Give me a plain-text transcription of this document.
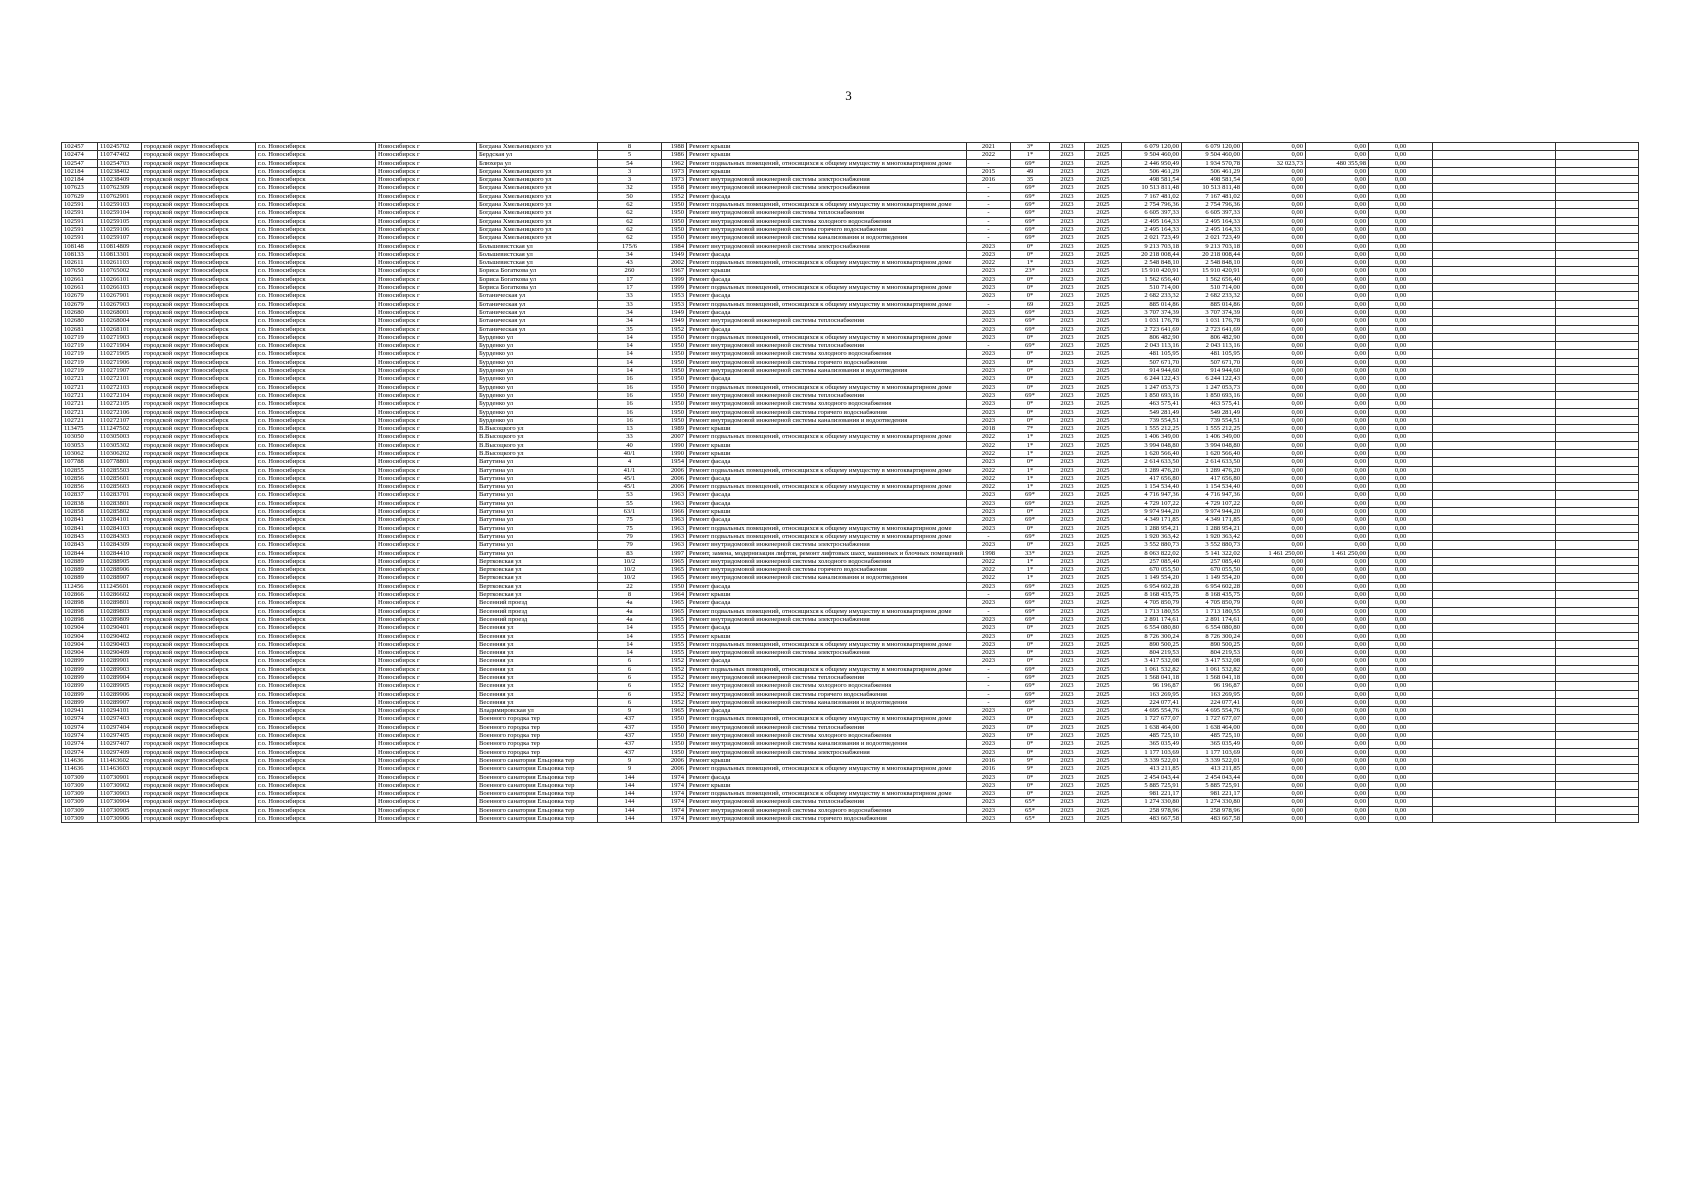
3
102457	110245702	городской округ Новосибирск	г.о. Новосибирск	Новосибирск г	Богдана Хмельницкого ул	8	1988	Ремонт крыши	2021	3*	2023	2025	6 079 120,00	6 079 120,00	0,00	0,00	0,00		
102474	110747402	городской округ Новосибирск	г.о. Новосибирск	Новосибирск г	Бердская ул	5	1986	Ремонт крыши	2022	1*	2023	2025	9 504 460,00	9 504 460,00	0,00	0,00	0,00		
102547	110254703	городской округ Новосибирск	г.о. Новосибирск	Новосибирск г	Блюхера ул	54	1962	Ремонт подвальных помещений, относящихся к общему имуществу в многоквартирном доме	-	69*	2023	2025	2 446 950,49	1 934 570,78	32 023,73	480 355,98	0,00		
102184	110238402	городской округ Новосибирск	г.о. Новосибирск	Новосибирск г	Богдана Хмельницкого ул	3	1973	Ремонт крыши	2015	49	2023	2025	506 461,29	506 461,29	0,00	0,00	0,00		
102184	110238409	городской округ Новосибирск	г.о. Новосибирск	Новосибирск г	Богдана Хмельницкого ул	3	1973	Ремонт внутридомовой инженерной системы электроснабжения	2016	35	2023	2025	498 581,54	498 581,54	0,00	0,00	0,00		
107623	110762309	городской округ Новосибирск	г.о. Новосибирск	Новосибирск г	Богдана Хмельницкого ул	32	1958	Ремонт внутридомовой инженерной системы электроснабжения	-	69*	2023	2025	10 513 811,48	10 513 811,48	0,00	0,00	0,00		
107629	110762901	городской округ Новосибирск	г.о. Новосибирск	Новосибирск г	Богдана Хмельницкого ул	50	1952	Ремонт фасада	-	69*	2023	2025	7 167 481,02	7 167 481,02	0,00	0,00	0,00		
102591	110259103	городской округ Новосибирск	г.о. Новосибирск	Новосибирск г	Богдана Хмельницкого ул	62	1950	Ремонт подвальных помещений, относящихся к общему имуществу в многоквартирном доме	-	69*	2023	2025	2 754 796,36	2 754 796,36	0,00	0,00	0,00		
102591	110259104	городской округ Новосибирск	г.о. Новосибирск	Новосибирск г	Богдана Хмельницкого ул	62	1950	Ремонт внутридомовой инженерной системы теплоснабжения	-	69*	2023	2025	6 605 397,33	6 605 397,33	0,00	0,00	0,00		
102591	110259105	городской округ Новосибирск	г.о. Новосибирск	Новосибирск г	Богдана Хмельницкого ул	62	1950	Ремонт внутридомовой инженерной системы холодного водоснабжения	-	69*	2023	2025	2 495 164,33	2 495 164,33	0,00	0,00	0,00		
102591	110259106	городской округ Новосибирск	г.о. Новосибирск	Новосибирск г	Богдана Хмельницкого ул	62	1950	Ремонт внутридомовой инженерной системы горячего водоснабжения	-	69*	2023	2025	2 495 164,33	2 495 164,33	0,00	0,00	0,00		
102591	110259107	городской округ Новосибирск	г.о. Новосибирск	Новосибирск г	Богдана Хмельницкого ул	62	1950	Ремонт внутридомовой инженерной системы канализования и водоотведения	-	69*	2023	2025	2 021 723,49	2 021 723,49	0,00	0,00	0,00		
108148	110814809	городской округ Новосибирск	г.о. Новосибирск	Новосибирск г	Большевистская ул	175/6	1984	Ремонт внутридомовой инженерной системы электроснабжения	2023	0*	2023	2025	9 213 703,18	9 213 703,18	0,00	0,00	0,00		
108133	110813301	городской округ Новосибирск	г.о. Новосибирск	Новосибирск г	Большевистская ул	34	1949	Ремонт фасада	2023	0*	2023	2025	20 218 008,44	20 218 008,44	0,00	0,00	0,00		
102611	110261103	городской округ Новосибирск	г.о. Новосибирск	Новосибирск г	Большевистская ул	43	2002	Ремонт подвальных помещений, относящихся к общему имуществу в многоквартирном доме	2022	1*	2023	2025	2 548 848,10	2 548 848,10	0,00	0,00	0,00		
107650	110765002	городской округ Новосибирск	г.о. Новосибирск	Новосибирск г	Бориса Богаткова ул	260	1967	Ремонт крыши	2023	23*	2023	2025	15 910 420,91	15 910 420,91	0,00	0,00	0,00		
102661	110266101	городской округ Новосибирск	г.о. Новосибирск	Новосибирск г	Бориса Богаткова ул	17	1999	Ремонт фасада	2023	0*	2023	2025	1 562 656,40	1 562 656,40	0,00	0,00	0,00		
102661	110266103	городской округ Новосибирск	г.о. Новосибирск	Новосибирск г	Бориса Богаткова ул	17	1999	Ремонт подвальных помещений, относящихся к общему имуществу в многоквартирном доме	2023	0*	2023	2025	510 714,00	510 714,00	0,00	0,00	0,00		
102679	110267901	городской округ Новосибирск	г.о. Новосибирск	Новосибирск г	Ботаническая ул	33	1953	Ремонт фасада	2023	0*	2023	2025	2 682 233,32	2 682 233,32	0,00	0,00	0,00		
102679	110267903	городской округ Новосибирск	г.о. Новосибирск	Новосибирск г	Ботаническая ул	33	1953	Ремонт подвальных помещений, относящихся к общему имуществу в многоквартирном доме	-	69	2023	2025	885 014,86	885 014,86	0,00	0,00	0,00		
102680	110268001	городской округ Новосибирск	г.о. Новосибирск	Новосибирск г	Ботаническая ул	34	1949	Ремонт фасада	2023	69*	2023	2025	3 707 374,39	3 707 374,39	0,00	0,00	0,00		
102680	110268004	городской округ Новосибирск	г.о. Новосибирск	Новосибирск г	Ботаническая ул	34	1949	Ремонт внутридомовой инженерной системы теплоснабжения	2023	69*	2023	2025	1 031 176,78	1 031 176,78	0,00	0,00	0,00		
102681	110268101	городской округ Новосибирск	г.о. Новосибирск	Новосибирск г	Ботаническая ул	35	1952	Ремонт фасада	2023	69*	2023	2025	2 723 641,69	2 723 641,69	0,00	0,00	0,00		
102719	110271903	городской округ Новосибирск	г.о. Новосибирск	Новосибирск г	Бурденко ул	14	1950	Ремонт подвальных помещений, относящихся к общему имуществу в многоквартирном доме	2023	0*	2023	2025	806 482,90	806 482,90	0,00	0,00	0,00		
102719	110271904	городской округ Новосибирск	г.о. Новосибирск	Новосибирск г	Бурденко ул	14	1950	Ремонт внутридомовой инженерной системы теплоснабжения	-	69*	2023	2025	2 043 113,16	2 043 113,16	0,00	0,00	0,00		
102719	110271905	городской округ Новосибирск	г.о. Новосибирск	Новосибирск г	Бурденко ул	14	1950	Ремонт внутридомовой инженерной системы холодного водоснабжения	2023	0*	2023	2025	481 105,95	481 105,95	0,00	0,00	0,00		
102719	110271906	городской округ Новосибирск	г.о. Новосибирск	Новосибирск г	Бурденко ул	14	1950	Ремонт внутридомовой инженерной системы горячего водоснабжения	2023	0*	2023	2025	507 671,70	507 671,70	0,00	0,00	0,00		
102719	110271907	городской округ Новосибирск	г.о. Новосибирск	Новосибирск г	Бурденко ул	14	1950	Ремонт внутридомовой инженерной системы канализования и водоотведения	2023	0*	2023	2025	914 944,60	914 944,60	0,00	0,00	0,00		
102721	110272101	городской округ Новосибирск	г.о. Новосибирск	Новосибирск г	Бурденко ул	16	1950	Ремонт фасада	2023	0*	2023	2025	6 244 122,43	6 244 122,43	0,00	0,00	0,00		
102721	110272103	городской округ Новосибирск	г.о. Новосибирск	Новосибирск г	Бурденко ул	16	1950	Ремонт подвальных помещений, относящихся к общему имуществу в многоквартирном доме	2023	0*	2023	2025	1 247 053,73	1 247 053,73	0,00	0,00	0,00		
102721	110272104	городской округ Новосибирск	г.о. Новосибирск	Новосибирск г	Бурденко ул	16	1950	Ремонт внутридомовой инженерной системы теплоснабжения	2023	69*	2023	2025	1 850 693,16	1 850 693,16	0,00	0,00	0,00		
102721	110272105	городской округ Новосибирск	г.о. Новосибирск	Новосибирск г	Бурденко ул	16	1950	Ремонт внутридомовой инженерной системы холодного водоснабжения	2023	0*	2023	2025	463 575,41	463 575,41	0,00	0,00	0,00		
102721	110272106	городской округ Новосибирск	г.о. Новосибирск	Новосибирск г	Бурденко ул	16	1950	Ремонт внутридомовой инженерной системы горячего водоснабжения	2023	0*	2023	2025	549 281,49	549 281,49	0,00	0,00	0,00		
102721	110272107	городской округ Новосибирск	г.о. Новосибирск	Новосибирск г	Бурденко ул	16	1950	Ремонт внутридомовой инженерной системы канализования и водоотведения	2023	0*	2023	2025	739 554,51	739 554,51	0,00	0,00	0,00		
113475	111247502	городской округ Новосибирск	г.о. Новосибирск	Новосибирск г	В.Высоцкого ул	13	1989	Ремонт крыши	2018	7*	2023	2025	1 555 212,25	1 555 212,25	0,00	0,00	0,00		
103050	110305003	городской округ Новосибирск	г.о. Новосибирск	Новосибирск г	В.Высоцкого ул	33	2007	Ремонт подвальных помещений, относящихся к общему имуществу в многоквартирном доме	2022	1*	2023	2025	1 406 349,00	1 406 349,00	0,00	0,00	0,00		
103053	110305302	городской округ Новосибирск	г.о. Новосибирск	Новосибирск г	В.Высоцкого ул	40	1990	Ремонт крыши	2022	1*	2023	2025	3 994 048,80	3 994 048,80	0,00	0,00	0,00		
103062	110306202	городской округ Новосибирск	г.о. Новосибирск	Новосибирск г	В.Высоцкого ул	40/1	1990	Ремонт крыши	2022	1*	2023	2025	1 620 566,40	1 620 566,40	0,00	0,00	0,00		
107788	110778801	городской округ Новосибирск	г.о. Новосибирск	Новосибирск г	Ватутина ул	4	1954	Ремонт фасада	2023	0*	2023	2025	2 614 633,50	2 614 633,50	0,00	0,00	0,00		
102855	110285503	городской округ Новосибирск	г.о. Новосибирск	Новосибирск г	Ватутина ул	41/1	2006	Ремонт подвальных помещений, относящихся к общему имуществу в многоквартирном доме	2022	1*	2023	2025	1 289 476,20	1 289 476,20	0,00	0,00	0,00		
102856	110285601	городской округ Новосибирск	г.о. Новосибирск	Новосибирск г	Ватутина ул	45/1	2006	Ремонт фасада	2022	1*	2023	2025	417 656,80	417 656,80	0,00	0,00	0,00		
102856	110285603	городской округ Новосибирск	г.о. Новосибирск	Новосибирск г	Ватутина ул	45/1	2006	Ремонт подвальных помещений, относящихся к общему имуществу в многоквартирном доме	2022	1*	2023	2025	1 154 534,40	1 154 534,40	0,00	0,00	0,00		
102837	110283701	городской округ Новосибирск	г.о. Новосибирск	Новосибирск г	Ватутина ул	53	1963	Ремонт фасада	2023	69*	2023	2025	4 716 947,36	4 716 947,36	0,00	0,00	0,00		
102838	110283801	городской округ Новосибирск	г.о. Новосибирск	Новосибирск г	Ватутина ул	55	1963	Ремонт фасада	2023	69*	2023	2025	4 729 107,22	4 729 107,22	0,00	0,00	0,00		
102858	110285802	городской округ Новосибирск	г.о. Новосибирск	Новосибирск г	Ватутина ул	63/1	1966	Ремонт крыши	2023	0*	2023	2025	9 974 944,20	9 974 944,20	0,00	0,00	0,00		
102841	110284101	городской округ Новосибирск	г.о. Новосибирск	Новосибирск г	Ватутина ул	75	1963	Ремонт фасада	2023	69*	2023	2025	4 349 171,85	4 349 171,85	0,00	0,00	0,00		
102841	110284103	городской округ Новосибирск	г.о. Новосибирск	Новосибирск г	Ватутина ул	75	1963	Ремонт подвальных помещений, относящихся к общему имуществу в многоквартирном доме	2023	0*	2023	2025	1 288 954,21	1 288 954,21	0,00	0,00	0,00		
102843	110284303	городской округ Новосибирск	г.о. Новосибирск	Новосибирск г	Ватутина ул	79	1963	Ремонт подвальных помещений, относящихся к общему имуществу в многоквартирном доме	-	69*	2023	2025	1 920 363,42	1 920 363,42	0,00	0,00	0,00		
102843	110284309	городской округ Новосибирск	г.о. Новосибирск	Новосибирск г	Ватутина ул	79	1963	Ремонт внутридомовой инженерной системы электроснабжения	2023	0*	2023	2025	3 552 880,73	3 552 880,73	0,00	0,00	0,00		
102844	110284410	городской округ Новосибирск	г.о. Новосибирск	Новосибирск г	Ватутина ул	83	1997	Ремонт, замена, модернизация лифтов, ремонт лифтовых шахт, машинных и блочных помещений	1998	33*	2023	2025	8 063 822,02	5 141 322,02	1 461 250,00	1 461 250,00	0,00		
102889	110288905	городской округ Новосибирск	г.о. Новосибирск	Новосибирск г	Вертковская ул	10/2	1965	Ремонт внутридомовой инженерной системы холодного водоснабжения	2022	1*	2023	2025	257 085,40	257 085,40	0,00	0,00	0,00		
102889	110288906	городской округ Новосибирск	г.о. Новосибирск	Новосибирск г	Вертковская ул	10/2	1965	Ремонт внутридомовой инженерной системы горячего водоснабжения	2022	1*	2023	2025	670 055,50	670 055,50	0,00	0,00	0,00		
102889	110288907	городской округ Новосибирск	г.о. Новосибирск	Новосибирск г	Вертковская ул	10/2	1965	Ремонт внутридомовой инженерной системы канализования и водоотведения	2022	1*	2023	2025	1 149 554,20	1 149 554,20	0,00	0,00	0,00		
112456	111245601	городской округ Новосибирск	г.о. Новосибирск	Новосибирск г	Вертковская ул	22	1950	Ремонт фасада	2023	69*	2023	2025	6 954 602,28	6 954 602,28	0,00	0,00	0,00		
102866	110286602	городской округ Новосибирск	г.о. Новосибирск	Новосибирск г	Вертковская ул	8	1964	Ремонт крыши	-	69*	2023	2025	8 168 435,75	8 168 435,75	0,00	0,00	0,00		
102898	110289801	городской округ Новосибирск	г.о. Новосибирск	Новосибирск г	Весенний проезд	4a	1965	Ремонт фасада	2023	69*	2023	2025	4 705 850,79	4 705 850,79	0,00	0,00	0,00		
102898	110289803	городской округ Новосибирск	г.о. Новосибирск	Новосибирск г	Весенний проезд	4a	1965	Ремонт подвальных помещений, относящихся к общему имуществу в многоквартирном доме	-	69*	2023	2025	1 713 180,55	1 713 180,55	0,00	0,00	0,00		
102898	110289809	городской округ Новосибирск	г.о. Новосибирск	Новосибирск г	Весенний проезд	4a	1965	Ремонт внутридомовой инженерной системы электроснабжения	2023	69*	2023	2025	2 891 174,61	2 891 174,61	0,00	0,00	0,00		
102904	110290401	городской округ Новосибирск	г.о. Новосибирск	Новосибирск г	Весенняя ул	14	1955	Ремонт фасада	2023	0*	2023	2025	6 554 080,80	6 554 080,80	0,00	0,00	0,00		
102904	110290402	городской округ Новосибирск	г.о. Новосибирск	Новосибирск г	Весенняя ул	14	1955	Ремонт крыши	2023	0*	2023	2025	8 726 300,24	8 726 300,24	0,00	0,00	0,00		
102904	110290403	городской округ Новосибирск	г.о. Новосибирск	Новосибирск г	Весенняя ул	14	1955	Ремонт подвальных помещений, относящихся к общему имуществу в многоквартирном доме	2023	0*	2023	2025	890 500,25	890 500,25	0,00	0,00	0,00		
102904	110290409	городской округ Новосибирск	г.о. Новосибирск	Новосибирск г	Весенняя ул	14	1955	Ремонт внутридомовой инженерной системы электроснабжения	2023	0*	2023	2025	804 219,53	804 219,53	0,00	0,00	0,00		
102899	110289901	городской округ Новосибирск	г.о. Новосибирск	Новосибирск г	Весенняя ул	6	1952	Ремонт фасада	2023	0*	2023	2025	3 417 532,08	3 417 532,08	0,00	0,00	0,00		
102899	110289903	городской округ Новосибирск	г.о. Новосибирск	Новосибирск г	Весенняя ул	6	1952	Ремонт подвальных помещений, относящихся к общему имуществу в многоквартирном доме	-	69*	2023	2025	1 061 532,82	1 061 532,82	0,00	0,00	0,00		
102899	110289904	городской округ Новосибирск	г.о. Новосибирск	Новосибирск г	Весенняя ул	6	1952	Ремонт внутридомовой инженерной системы теплоснабжения	-	69*	2023	2025	1 568 041,18	1 568 041,18	0,00	0,00	0,00		
102899	110289905	городской округ Новосибирск	г.о. Новосибирск	Новосибирск г	Весенняя ул	6	1952	Ремонт внутридомовой инженерной системы холодного водоснабжения	-	69*	2023	2025	96 196,87	96 196,87	0,00	0,00	0,00		
102899	110289906	городской округ Новосибирск	г.о. Новосибирск	Новосибирск г	Весенняя ул	6	1952	Ремонт внутридомовой инженерной системы горячего водоснабжения	-	69*	2023	2025	163 269,95	163 269,95	0,00	0,00	0,00		
102899	110289907	городской округ Новосибирск	г.о. Новосибирск	Новосибирск г	Весенняя ул	6	1952	Ремонт внутридомовой инженерной системы канализования и водоотведения	-	69*	2023	2025	224 077,41	224 077,41	0,00	0,00	0,00		
102941	110294101	городской округ Новосибирск	г.о. Новосибирск	Новосибирск г	Владимировская ул	9	1965	Ремонт фасада	2023	0*	2023	2025	4 695 554,76	4 695 554,76	0,00	0,00	0,00		
102974	110297403	городской округ Новосибирск	г.о. Новосибирск	Новосибирск г	Военного городка тер	437	1950	Ремонт подвальных помещений, относящихся к общему имуществу в многоквартирном доме	2023	0*	2023	2025	1 727 677,07	1 727 677,07	0,00	0,00	0,00		
102974	110297404	городской округ Новосибирск	г.о. Новосибирск	Новосибирск г	Военного городка тер	437	1950	Ремонт внутридомовой инженерной системы теплоснабжения	2023	0*	2023	2025	1 638 464,00	1 638 464,00	0,00	0,00	0,00		
102974	110297405	городской округ Новосибирск	г.о. Новосибирск	Новосибирск г	Военного городка тер	437	1950	Ремонт внутридомовой инженерной системы холодного водоснабжения	2023	0*	2023	2025	485 725,10	485 725,10	0,00	0,00	0,00		
102974	110297407	городской округ Новосибирск	г.о. Новосибирск	Новосибирск г	Военного городка тер	437	1950	Ремонт внутридомовой инженерной системы канализования и водоотведения	2023	0*	2023	2025	365 035,49	365 035,49	0,00	0,00	0,00		
102974	110297409	городской округ Новосибирск	г.о. Новосибирск	Новосибирск г	Военного городка тер	437	1950	Ремонт внутридомовой инженерной системы электроснабжения	2023	0*	2023	2025	1 177 103,69	1 177 103,69	0,00	0,00	0,00		
114636	111463602	городской округ Новосибирск	г.о. Новосибирск	Новосибирск г	Военного санатория Ельцовка тер	9	2006	Ремонт крыши	2016	9*	2023	2025	3 339 522,01	3 339 522,01	0,00	0,00	0,00		
114636	111463603	городской округ Новосибирск	г.о. Новосибирск	Новосибирск г	Военного санатория Ельцовка тер	9	2006	Ремонт подвальных помещений, относящихся к общему имуществу в многоквартирном доме	2016	9*	2023	2025	413 211,85	413 211,85	0,00	0,00	0,00		
107309	110730901	городской округ Новосибирск	г.о. Новосибирск	Новосибирск г	Военного санатория Ельцовка тер	144	1974	Ремонт фасада	2023	0*	2023	2025	2 454 043,44	2 454 043,44	0,00	0,00	0,00		
107309	110730902	городской округ Новосибирск	г.о. Новосибирск	Новосибирск г	Военного санатория Ельцовка тер	144	1974	Ремонт крыши	2023	0*	2023	2025	5 885 725,91	5 885 725,91	0,00	0,00	0,00		
107309	110730903	городской округ Новосибирск	г.о. Новосибирск	Новосибирск г	Военного санатория Ельцовка тер	144	1974	Ремонт подвальных помещений, относящихся к общему имуществу в многоквартирном доме	2023	0*	2023	2025	981 221,17	981 221,17	0,00	0,00	0,00		
107309	110730904	городской округ Новосибирск	г.о. Новосибирск	Новосибирск г	Военного санатория Ельцовка тер	144	1974	Ремонт внутридомовой инженерной системы теплоснабжения	2023	65*	2023	2025	1 274 330,80	1 274 330,80	0,00	0,00	0,00		
107309	110730905	городской округ Новосибирск	г.о. Новосибирск	Новосибирск г	Военного санатория Ельцовка тер	144	1974	Ремонт внутридомовой инженерной системы холодного водоснабжения	2023	65*	2023	2025	258 978,96	258 978,96	0,00	0,00	0,00		
107309	110730906	городской округ Новосибирск	г.о. Новосибирск	Новосибирск г	Военного санатория Ельцовка тер	144	1974	Ремонт внутридомовой инженерной системы горячего водоснабжения	2023	65*	2023	2025	483 667,58	483 667,58	0,00	0,00	0,00		
